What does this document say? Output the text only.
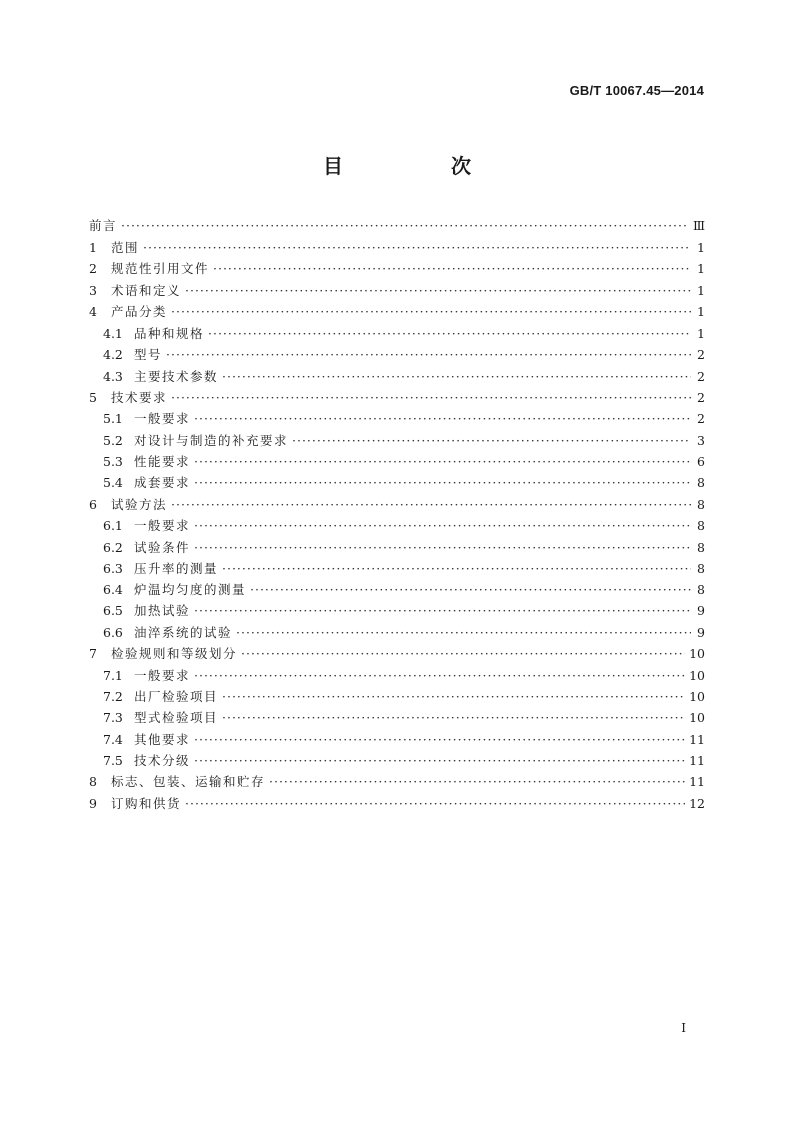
GB/T 10067.45—2014
目　次
前言 ·····	Ⅲ
1	范围 ·····	1
2	规范性引用文件 ·····	1
3	术语和定义 ·····	1
4	产品分类 ·····	1
4.1 品种和规格 ·····	1
4.2 型号 ·····	2
4.3 主要技术参数 ·····	2
5	技术要求 ·····	2
5.1 一般要求 ·····	2
5.2 对设计与制造的补充要求 ·····	3
5.3 性能要求 ·····	6
5.4 成套要求 ·····	8
6	试验方法 ·····	8
6.1 一般要求 ·····	8
6.2 试验条件 ·····	8
6.3 压升率的测量 ·····	8
6.4 炉温均匀度的测量 ·····	8
6.5 加热试验 ·····	9
6.6 油淬系统的试验 ·····	9
7	检验规则和等级划分 ·····	10
7.1 一般要求 ·····	10
7.2 出厂检验项目 ·····	10
7.3 型式检验项目 ·····	10
7.4 其他要求 ·····	11
7.5 技术分级 ·····	11
8	标志、包装、运输和贮存 ·····	11
9	订购和供货 ·····	12
I
